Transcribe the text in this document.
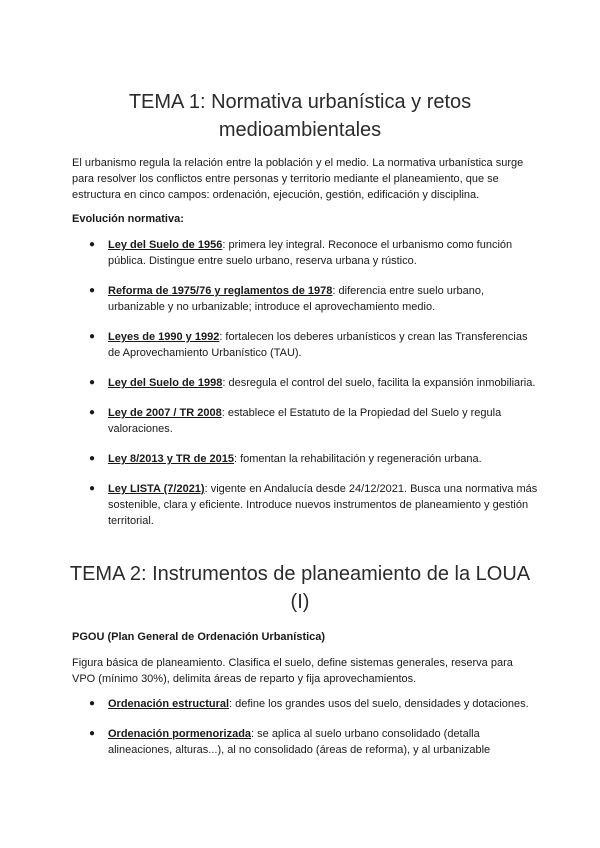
TEMA 1: Normativa urbanística y retos medioambientales

El urbanismo regula la relación entre la población y el medio. La normativa urbanística surge para resolver los conflictos entre personas y territorio mediante el planeamiento, que se estructura en cinco campos: ordenación, ejecución, gestión, edificación y disciplina.

Evolución normativa:

● Ley del Suelo de 1956: primera ley integral. Reconoce el urbanismo como función pública. Distingue entre suelo urbano, reserva urbana y rústico.
● Reforma de 1975/76 y reglamentos de 1978: diferencia entre suelo urbano, urbanizable y no urbanizable; introduce el aprovechamiento medio.
● Leyes de 1990 y 1992: fortalecen los deberes urbanísticos y crean las Transferencias de Aprovechamiento Urbanístico (TAU).
● Ley del Suelo de 1998: desregula el control del suelo, facilita la expansión inmobiliaria.
● Ley de 2007 / TR 2008: establece el Estatuto de la Propiedad del Suelo y regula valoraciones.
● Ley 8/2013 y TR de 2015: fomentan la rehabilitación y regeneración urbana.
● Ley LISTA (7/2021): vigente en Andalucía desde 24/12/2021. Busca una normativa más sostenible, clara y eficiente. Introduce nuevos instrumentos de planeamiento y gestión territorial.
TEMA 2: Instrumentos de planeamiento de la LOUA (I)

PGOU (Plan General de Ordenación Urbanística)

Figura básica de planeamiento. Clasifica el suelo, define sistemas generales, reserva para VPO (mínimo 30%), delimita áreas de reparto y fija aprovechamientos.

● Ordenación estructural: define los grandes usos del suelo, densidades y dotaciones.
● Ordenación pormenorizada: se aplica al suelo urbano consolidado (detalla alineaciones, alturas...), al no consolidado (áreas de reforma), y al urbanizable
